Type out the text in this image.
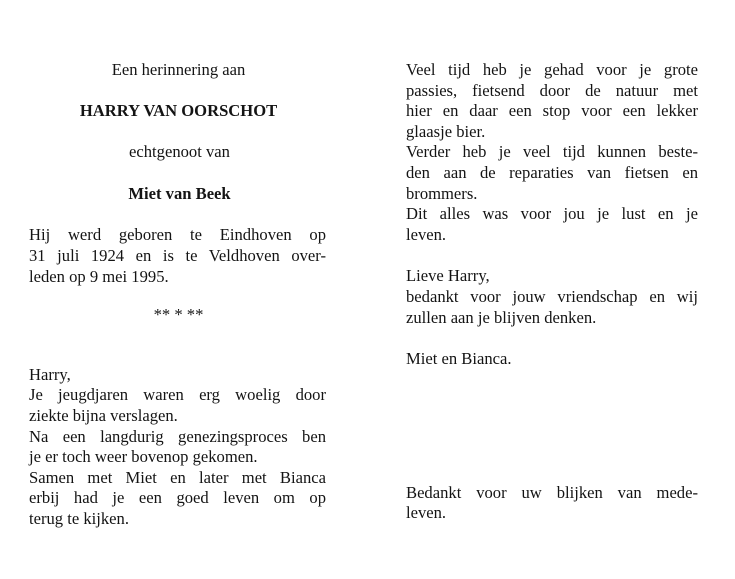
Een herinnering aan
HARRY VAN OORSCHOT
echtgenoot van
Miet van Beek
Hij werd geboren te Eindhoven op
31 juli 1924 en is te Veldhoven over-
leden op 9 mei 1995.
** * **
Harry,
Je jeugdjaren waren erg woelig door
ziekte bijna verslagen.
Na een langdurig genezingsproces ben
je er toch weer bovenop gekomen.
Samen met Miet en later met Bianca
erbij had je een goed leven om op
terug te kijken.
Veel tijd heb je gehad voor je grote
passies, fietsend door de natuur met
hier en daar een stop voor een lekker
glaasje bier.
Verder heb je veel tijd kunnen beste-
den aan de reparaties van fietsen en
brommers.
Dit alles was voor jou je lust en je
leven.
Lieve Harry,
bedankt voor jouw vriendschap en wij
zullen aan je blijven denken.
Miet en Bianca.
Bedankt voor uw blijken van mede-
leven.
